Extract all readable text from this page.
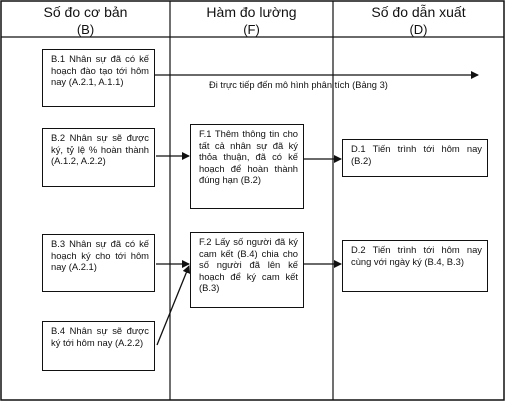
Số đo cơ bản
(B)
Hàm đo lường
(F)
Số đo dẫn xuất
(D)
B.1 Nhân sự đã có kế hoạch đào tạo tới hôm nay (A.2.1, A.1.1)
B.2 Nhân sự sẽ được ký, tỷ lệ % hoàn thành (A.1.2, A.2.2)
B.3 Nhân sự đã có kế hoạch ký cho tới hôm nay (A.2.1)
B.4 Nhân sự sẽ được ký tới hôm nay (A.2.2)
F.1 Thêm thông tin cho tất cả nhân sự đã ký thỏa thuận, đã có kế hoạch để hoàn thành đúng hạn (B.2)
F.2 Lấy số người đã ký cam kết (B.4) chia cho số người đã lên kế hoạch để ký cam kết (B.3)
D.1 Tiến trình tới hôm nay (B.2)
D.2 Tiến trình tới hôm nay cùng với ngày ký (B.4, B.3)
Đi trực tiếp đến mô hình phân tích (Bảng 3)
